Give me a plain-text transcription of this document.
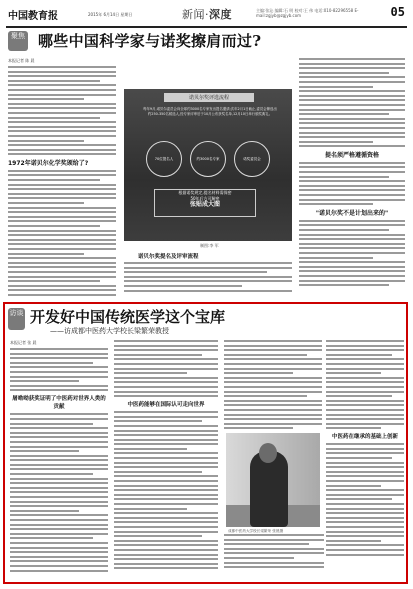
中国教育报	2015年 6月14日 星期日	新闻·深度	主编:张沁 编辑:石 明 校对:王 伟 电话:010-82296558 E-mail:zgjyb@zgjyb.com	05
聚焦 哪些中国科学家与诺奖擦肩而过?
本报记者 陈 晨
1972年诺贝尔化学奖颁给了?
诺贝尔奖评选流程
每年9月,诺贝尔委员会向全球约3000名专家发出提名邀请;次年2月1日截止,委员会筛选出约250-350名候选人,经专家评审后于10月公布获奖名单,12月10日举行颁奖典礼。
70位提名人	约3000名专家	诺奖委员会
根据诺奖规定,提名材料需保密
50年后方可解密
张贴成大图
制图:李 军
诺贝尔奖提名及评审流程
提名须严格遵循资格
"诺贝尔奖不是计划出来的"
访谈 开发好中国传统医学这个宝库
——访成都中医药大学校长梁繁荣教授
本报记者 张 晨
屠呦呦获奖证明了中医药对世界人类的贡献	中医药能够在国际认可走向世界
成都中医药大学校长梁繁荣 张晨摄
中医药在继承的基础上创新
